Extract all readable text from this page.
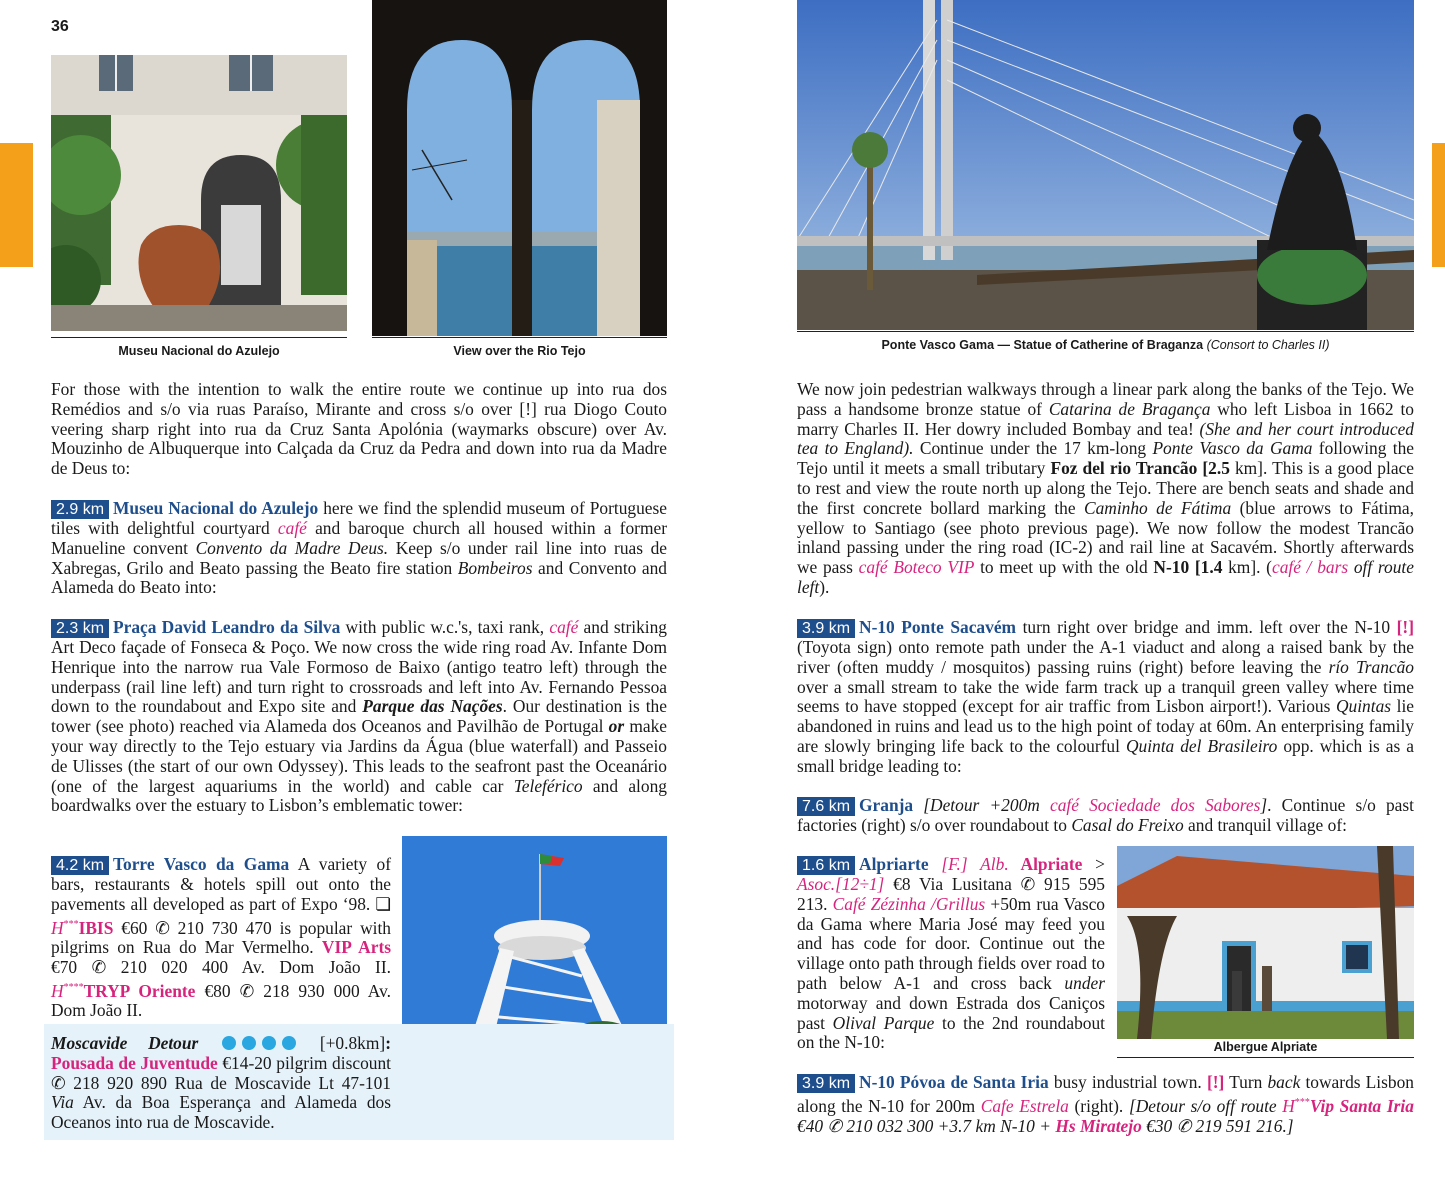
36
Museu Nacional do Azulejo	View over the Rio Tejo	Ponte Vasco Gama — Statue of Catherine of Braganza (Consort to Charles II)
Albergue Alpriate
For those with the intention to walk the entire route we continue up into rua dos Remédios and s/o via ruas Paraíso, Mirante and cross s/o over [!] rua Diogo Couto veering sharp right into rua da Cruz Santa Apolónia (waymarks obscure) over Av. Mouzinho de Albuquerque into Calçada da Cruz da Pedra and down into rua da Madre de Deus to:
2.9 km Museu Nacional do Azulejo here we find the splendid museum of Portuguese tiles with delightful courtyard café and baroque church all housed within a former Manueline convent Convento da Madre Deus. Keep s/o under rail line into ruas de Xabregas, Grilo and Beato passing the Beato fire station Bombeiros and Convento and Alameda do Beato into:
2.3 km Praça David Leandro da Silva with public w.c.'s, taxi rank, café and striking Art Deco façade of Fonseca & Poço. We now cross the wide ring road Av. Infante Dom Henrique into the narrow rua Vale Formoso de Baixo (antigo teatro left) through the underpass (rail line left) and turn right to crossroads and left into Av. Fernando Pessoa down to the roundabout and Expo site and Parque das Nações. Our destination is the tower (see photo) reached via Alameda dos Oceanos and Pavilhão de Portugal or make your way directly to the Tejo estuary via Jardins da Água (blue waterfall) and Passeio de Ulisses (the start of our own Odyssey). This leads to the seafront past the Oceanário (one of the largest aquariums in the world) and cable car Teleférico and along boardwalks over the estuary to Lisbon’s emblematic tower:
4.2 km Torre Vasco da Gama A variety of bars, restaurants & hotels spill out onto the pavements all developed as part of Expo ‘98. ❏ H***IBIS €60 ✆ 210 730 470 is popular with pilgrims on Rua do Mar Vermelho. VIP Arts €70 ✆ 210 020 400 Av. Dom João II. H****TRYP Oriente €80 ✆ 218 930 000 Av. Dom João II.
Moscavide Detour	[+0.8km]: Pousada de Juventude €14-20 pilgrim discount ✆ 218 920 890 Rua de Moscavide Lt 47-101 Via Av. da Boa Esperança and Alameda dos Oceanos into rua de Moscavide.
We now join pedestrian walkways through a linear park along the banks of the Tejo. We pass a handsome bronze statue of Catarina de Bragança who left Lisboa in 1662 to marry Charles II. Her dowry included Bombay and tea! (She and her court introduced tea to England). Continue under the 17 km-long Ponte Vasco da Gama following the Tejo until it meets a small tributary Foz del rio Trancão [2.5 km]. This is a good place to rest and view the route north up along the Tejo. There are bench seats and shade and the first concrete bollard marking the Caminho de Fátima (blue arrows to Fátima, yellow to Santiago (see photo previous page). We now follow the modest Trancão inland passing under the ring road (IC-2) and rail line at Sacavém. Shortly afterwards we pass café Boteco VIP to meet up with the old N-10 [1.4 km]. (café / bars off route left).
3.9 km N-10 Ponte Sacavém turn right over bridge and imm. left over the N-10 [!] (Toyota sign) onto remote path under the A-1 viaduct and along a raised bank by the river (often muddy / mosquitos) passing ruins (right) before leaving the río Trancão over a small stream to take the wide farm track up a tranquil green valley where time seems to have stopped (except for air traffic from Lisbon airport!). Various Quintas lie abandoned in ruins and lead us to the high point of today at 60m. An enterprising family are slowly bringing life back to the colourful Quinta del Brasileiro opp. which is as a small bridge leading to:
7.6 km Granja [Detour +200m café Sociedade dos Sabores]. Continue s/o past factories (right) s/o over roundabout to Casal do Freixo and tranquil village of:
1.6 km Alpriarte [F.] Alb. Alpriate > Asoc.[12÷1] €8 Via Lusitana ✆ 915 595 213. Café Zézinha /Grillus +50m rua Vasco da Gama where Maria José may feed you and has code for door. Continue out the village onto path through fields over road to path below A-1 and cross back under motorway and down Estrada dos Caniços past Olival Parque to the 2nd roundabout on the N-10:
3.9 km N-10 Póvoa de Santa Iria busy industrial town. [!] Turn back towards Lisbon along the N-10 for 200m Cafe Estrela (right). [Detour s/o off route H***Vip Santa Iria €40 ✆ 210 032 300 +3.7 km N-10 + Hs Miratejo €30 ✆ 219 591 216.]
